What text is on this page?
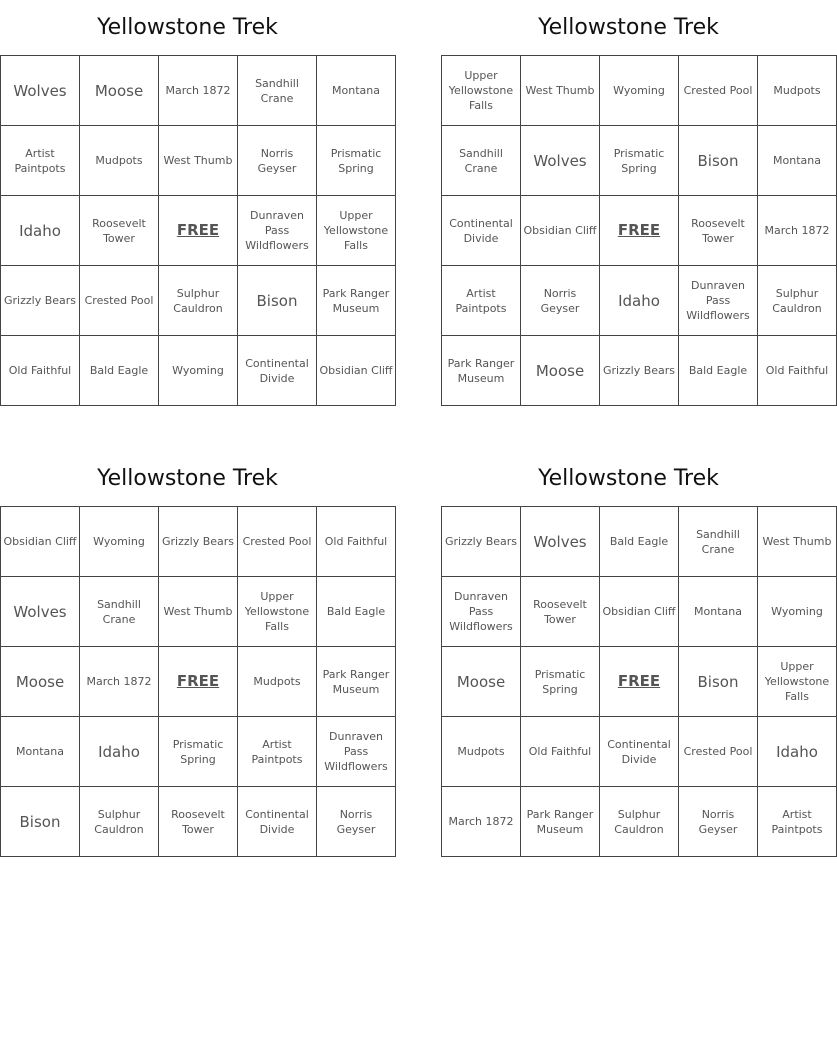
Yellowstone Trek
Wolves	Moose	March 1872	Sandhill Crane	Montana
Artist Paintpots	Mudpots	West Thumb	Norris Geyser	Prismatic Spring
Idaho	Roosevelt Tower	FREE	Dunraven Pass Wildflowers	Upper Yellowstone Falls
Grizzly Bears	Crested Pool	Sulphur Cauldron	Bison	Park Ranger Museum
Old Faithful	Bald Eagle	Wyoming	Continental Divide	Obsidian Cliff
Yellowstone Trek
Upper Yellowstone Falls	West Thumb	Wyoming	Crested Pool	Mudpots
Sandhill Crane	Wolves	Prismatic Spring	Bison	Montana
Continental Divide	Obsidian Cliff	FREE	Roosevelt Tower	March 1872
Artist Paintpots	Norris Geyser	Idaho	Dunraven Pass Wildflowers	Sulphur Cauldron
Park Ranger Museum	Moose	Grizzly Bears	Bald Eagle	Old Faithful
Yellowstone Trek
Obsidian Cliff	Wyoming	Grizzly Bears	Crested Pool	Old Faithful
Wolves	Sandhill Crane	West Thumb	Upper Yellowstone Falls	Bald Eagle
Moose	March 1872	FREE	Mudpots	Park Ranger Museum
Montana	Idaho	Prismatic Spring	Artist Paintpots	Dunraven Pass Wildflowers
Bison	Sulphur Cauldron	Roosevelt Tower	Continental Divide	Norris Geyser
Yellowstone Trek
Grizzly Bears	Wolves	Bald Eagle	Sandhill Crane	West Thumb
Dunraven Pass Wildflowers	Roosevelt Tower	Obsidian Cliff	Montana	Wyoming
Moose	Prismatic Spring	FREE	Bison	Upper Yellowstone Falls
Mudpots	Old Faithful	Continental Divide	Crested Pool	Idaho
March 1872	Park Ranger Museum	Sulphur Cauldron	Norris Geyser	Artist Paintpots
